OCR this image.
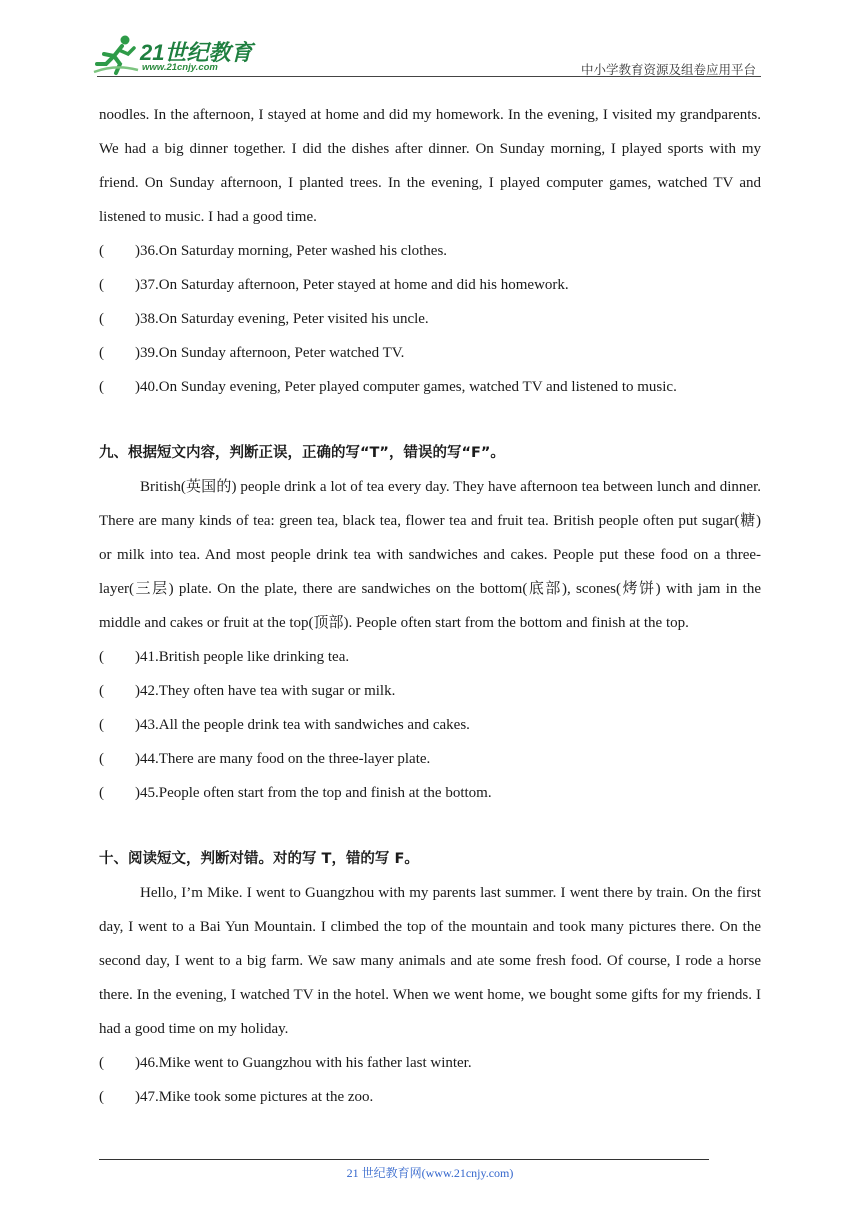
21世纪教育
www.21cnjy.com	中小学教育资源及组卷应用平台

noodles. In the afternoon, I stayed at home and did my homework. In the evening, I visited my grandparents. We had a big dinner together. I did the dishes after dinner. On Sunday morning, I played sports with my friend. On Sunday afternoon, I planted trees. In the evening, I played computer games, watched TV and listened to music. I had a good time.

( )36.On Saturday morning, Peter washed his clothes.

( )37.On Saturday afternoon, Peter stayed at home and did his homework.

( )38.On Saturday evening, Peter visited his uncle.

( )39.On Sunday afternoon, Peter watched TV.

( )40.On Sunday evening, Peter played computer games, watched TV and listened to music.

九、根据短文内容，判断正误，正确的写“T”，错误的写“F”。

British(英国的) people drink a lot of tea every day. They have afternoon tea between lunch and dinner. There are many kinds of tea: green tea, black tea, flower tea and fruit tea. British people often put sugar(糖) or milk into tea. And most people drink tea with sandwiches and cakes. People put these food on a three-layer(三层) plate. On the plate, there are sandwiches on the bottom(底部), scones(烤饼) with jam in the middle and cakes or fruit at the top(顶部). People often start from the bottom and finish at the top.

( )41.British people like drinking tea.

( )42.They often have tea with sugar or milk.

( )43.All the people drink tea with sandwiches and cakes.

( )44.There are many food on the three-layer plate.

( )45.People often start from the top and finish at the bottom.

十、阅读短文，判断对错。对的写 T，错的写 F。

Hello, I’m Mike. I went to Guangzhou with my parents last summer. I went there by train. On the first day, I went to a Bai Yun Mountain. I climbed the top of the mountain and took many pictures there. On the second day, I went to a big farm. We saw many animals and ate some fresh food. Of course, I rode a horse there. In the evening, I watched TV in the hotel. When we went home, we bought some gifts for my friends. I had a good time on my holiday.

( )46.Mike went to Guangzhou with his father last winter.

( )47.Mike took some pictures at the zoo.

21 世纪教育网(www.21cnjy.com)
